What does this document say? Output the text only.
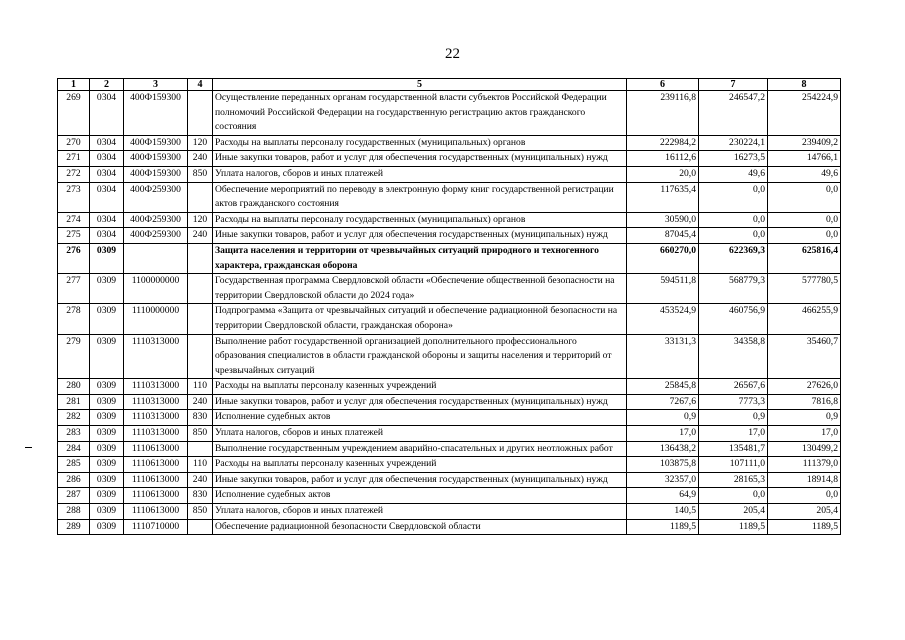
22
1	2	3	4	5	6	7	8
269	0304	400Ф159300		Осуществление переданных органам государственной власти субъектов Российской Федерации полномочий Российской Федерации на государственную регистрацию актов гражданского состояния	239116,8	246547,2	254224,9
270	0304	400Ф159300	120	Расходы на выплаты персоналу государственных (муниципальных) органов	222984,2	230224,1	239409,2
271	0304	400Ф159300	240	Иные закупки товаров, работ и услуг для обеспечения государственных (муниципальных) нужд	16112,6	16273,5	14766,1
272	0304	400Ф159300	850	Уплата налогов, сборов и иных платежей	20,0	49,6	49,6
273	0304	400Ф259300		Обеспечение мероприятий по переводу в электронную форму книг государственной регистрации актов гражданского состояния	117635,4	0,0	0,0
274	0304	400Ф259300	120	Расходы на выплаты персоналу государственных (муниципальных) органов	30590,0	0,0	0,0
275	0304	400Ф259300	240	Иные закупки товаров, работ и услуг для обеспечения государственных (муниципальных) нужд	87045,4	0,0	0,0
276	0309			Защита населения и территории от чрезвычайных ситуаций природного и техногенного характера, гражданская оборона	660270,0	622369,3	625816,4
277	0309	1100000000		Государственная программа Свердловской области «Обеспечение общественной безопасности на территории Свердловской области до 2024 года»	594511,8	568779,3	577780,5
278	0309	1110000000		Подпрограмма «Защита от чрезвычайных ситуаций и обеспечение радиационной безопасности на территории Свердловской области, гражданская оборона»	453524,9	460756,9	466255,9
279	0309	1110313000		Выполнение работ государственной организацией дополнительного профессионального образования специалистов в области гражданской обороны и защиты населения и территорий от чрезвычайных ситуаций	33131,3	34358,8	35460,7
280	0309	1110313000	110	Расходы на выплаты персоналу казенных учреждений	25845,8	26567,6	27626,0
281	0309	1110313000	240	Иные закупки товаров, работ и услуг для обеспечения государственных (муниципальных) нужд	7267,6	7773,3	7816,8
282	0309	1110313000	830	Исполнение судебных актов	0,9	0,9	0,9
283	0309	1110313000	850	Уплата налогов, сборов и иных платежей	17,0	17,0	17,0
284	0309	1110613000		Выполнение государственным учреждением аварийно-спасательных и других неотложных работ	136438,2	135481,7	130499,2
285	0309	1110613000	110	Расходы на выплаты персоналу казенных учреждений	103875,8	107111,0	111379,0
286	0309	1110613000	240	Иные закупки товаров, работ и услуг для обеспечения государственных (муниципальных) нужд	32357,0	28165,3	18914,8
287	0309	1110613000	830	Исполнение судебных актов	64,9	0,0	0,0
288	0309	1110613000	850	Уплата налогов, сборов и иных платежей	140,5	205,4	205,4
289	0309	1110710000		Обеспечение радиационной безопасности Свердловской области	1189,5	1189,5	1189,5
